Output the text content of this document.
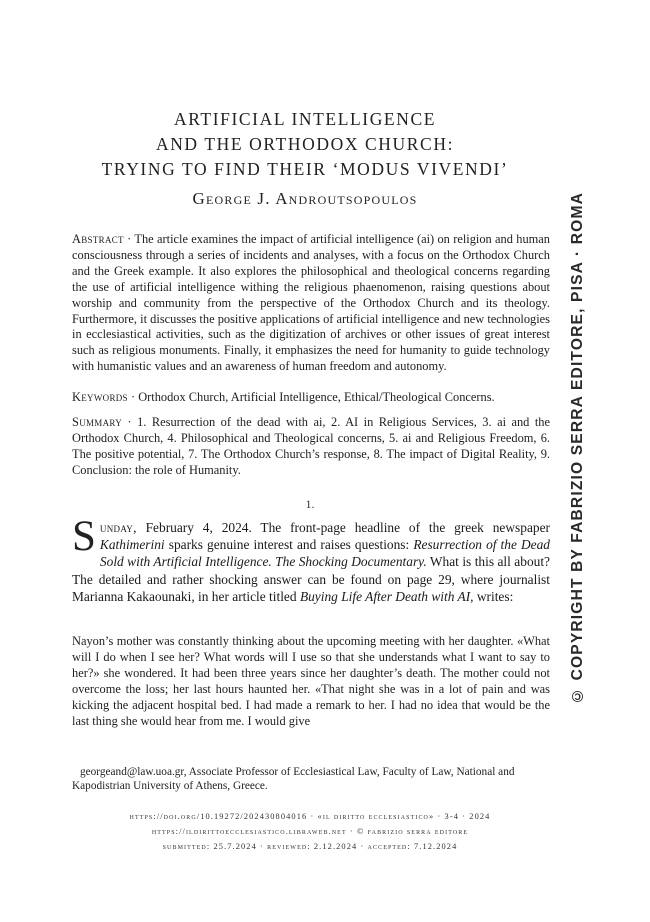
ARTIFICIAL INTELLIGENCE
AND THE ORTHODOX CHURCH:
TRYING TO FIND THEIR ‘MODUS VIVENDI’
George J. Androutsopoulos

Abstract · The article examines the impact of artificial intelligence (ai) on religion and human consciousness through a series of incidents and analyses, with a focus on the Orthodox Church and the Greek example. It also explores the philosophical and theological concerns regarding the use of artificial intelligence withing the religious phaenomenon, raising questions about worship and community from the perspective of the Orthodox Church and its theology. Furthermore, it discusses the positive applications of artificial intelligence and new technologies in ecclesiastical activities, such as the digitization of archives or other issues of great interest such as religious monuments. Finally, it emphasizes the need for humanity to guide technology with humanistic values and an awareness of human freedom and autonomy.

Keywords · Orthodox Church, Artificial Intelligence, Ethical/Theological Concerns.

Summary · 1. Resurrection of the dead with ai, 2. AI in Religious Services, 3. ai and the Orthodox Church, 4. Philosophical and Theological concerns, 5. ai and Religious Freedom, 6. The positive potential, 7. The Orthodox Church’s response, 8. The impact of Digital Reality, 9. Conclusion: the role of Humanity.

1.

Sunday, February 4, 2024. The front-page headline of the greek newspaper Kathimerini sparks genuine interest and raises questions: Resurrection of the Dead Sold with Artificial Intelligence. The Shocking Documentary. What is this all about? The detailed and rather shocking answer can be found on page 29, where journalist Marianna Kakaounaki, in her article titled Buying Life After Death with AI, writes:

Nayon’s mother was constantly thinking about the upcoming meeting with her daughter. «What will I do when I see her? What words will I use so that she understands what I want to say to her?» she wondered. It had been three years since her daughter’s death. The mother could not overcome the loss; her last hours haunted her. «That night she was in a lot of pain and was kicking the adjacent hospital bed. I had made a remark to her. I had no idea that would be the last thing she would hear from me. I would give

georgeand@law.uoa.gr, Associate Professor of Ecclesiastical Law, Faculty of Law, National and
Kapodistrian University of Athens, Greece.
https://doi.org/10.19272/202430804016 · «il diritto ecclesiastico» · 3-4 · 2024
https://ildirittoecclesiastico.libraweb.net · © fabrizio serra editore
submitted: 25.7.2024 · reviewed: 2.12.2024 · accepted: 7.12.2024
© COPYRIGHT BY FABRIZIO SERRA EDITORE, PISA · ROMA
